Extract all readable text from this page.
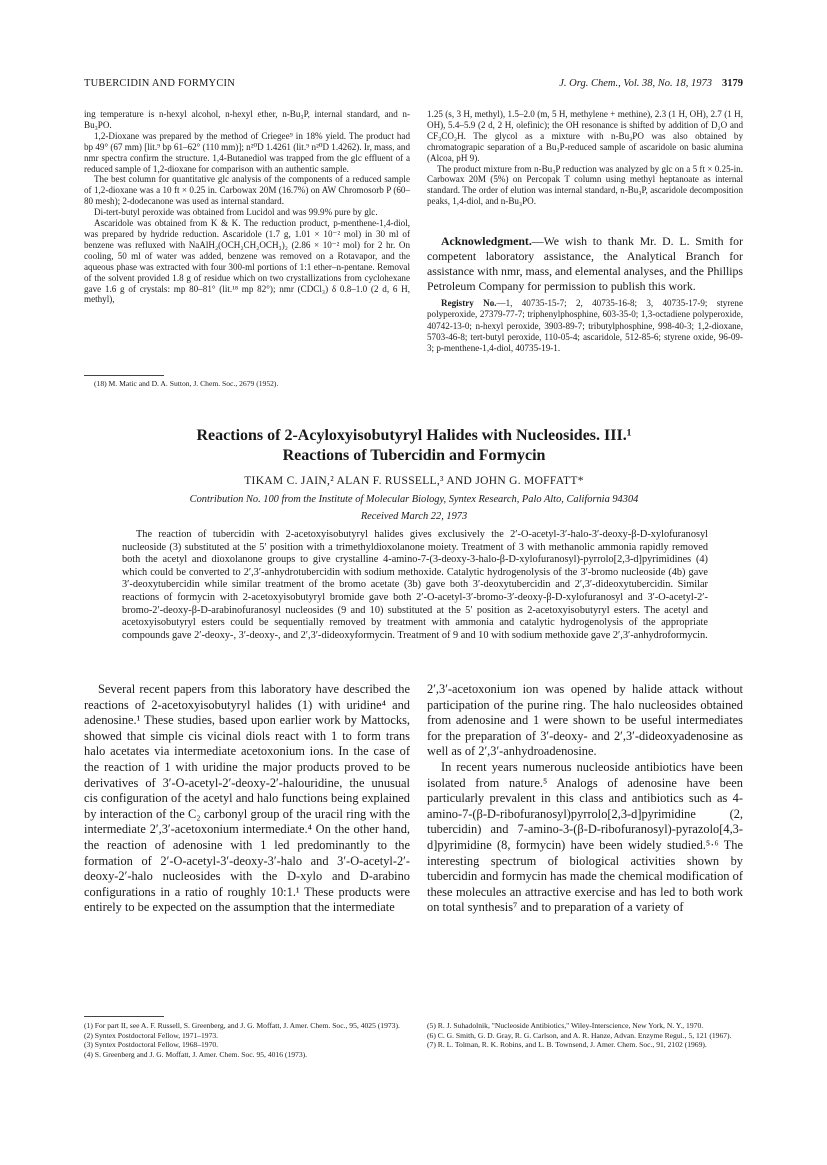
TUBERCIDIN AND FORMYCIN	J. Org. Chem., Vol. 38, No. 18, 1973 3179

ing temperature is n-hexyl alcohol, n-hexyl ether, n-Bu₃P, internal standard, and n-Bu₃PO.

1,2-Dioxane was prepared by the method of Criegee⁹ in 18% yield. The product had bp 49° (67 mm) [lit.⁹ bp 61–62° (110 mm)]; n²⁰D 1.4261 (lit.⁹ n²⁰D 1.4262). Ir, mass, and nmr spectra confirm the structure. 1,4-Butanediol was trapped from the glc effluent of a reduced sample of 1,2-dioxane for comparison with an authentic sample.

The best column for quantitative glc analysis of the components of a reduced sample of 1,2-dioxane was a 10 ft × 0.25 in. Carbowax 20M (16.7%) on AW Chromosorb P (60–80 mesh); 2-dodecanone was used as internal standard.

Di-tert-butyl peroxide was obtained from Lucidol and was 99.9% pure by glc.

Ascaridole was obtained from K & K. The reduction product, p-menthene-1,4-diol, was prepared by hydride reduction. Ascaridole (1.7 g, 1.01 × 10⁻² mol) in 30 ml of benzene was refluxed with NaAlH₂(OCH₂CH₂OCH₃)₂ (2.86 × 10⁻² mol) for 2 hr. On cooling, 50 ml of water was added, benzene was removed on a Rotavapor, and the aqueous phase was extracted with four 300-ml portions of 1:1 ether–n-pentane. Removal of the solvent provided 1.8 g of residue which on two crystallizations from cyclohexane gave 1.6 g of crystals: mp 80–81° (lit.¹⁸ mp 82°); nmr (CDCl₃) δ 0.8–1.0 (2 d, 6 H, methyl),

(18) M. Matic and D. A. Sutton, J. Chem. Soc., 2679 (1952).

1.25 (s, 3 H, methyl), 1.5–2.0 (m, 5 H, methylene + methine), 2.3 (1 H, OH), 2.7 (1 H, OH), 5.4–5.9 (2 d, 2 H, olefinic); the OH resonance is shifted by addition of D₂O and CF₃CO₂H. The glycol as a mixture with n-Bu₃PO was also obtained by chromatograpic separation of a Bu₃P-reduced sample of ascaridole on basic alumina (Alcoa, pH 9).

The product mixture from n-Bu₃P reduction was analyzed by glc on a 5 ft × 0.25-in. Carbowax 20M (5%) on Percopak T column using methyl heptanoate as internal standard. The order of elution was internal standard, n-Bu₃P, ascaridole decomposition peaks, 1,4-diol, and n-Bu₃PO.

Acknowledgment.—We wish to thank Mr. D. L. Smith for competent laboratory assistance, the Analytical Branch for assistance with nmr, mass, and elemental analyses, and the Phillips Petroleum Company for permission to publish this work.
Registry No.—1, 40735-15-7; 2, 40735-16-8; 3, 40735-17-9; styrene polyperoxide, 27379-77-7; triphenylphosphine, 603-35-0; 1,3-octadiene polyperoxide, 40742-13-0; n-hexyl peroxide, 3903-89-7; tributylphosphine, 998-40-3; 1,2-dioxane, 5703-46-8; tert-butyl peroxide, 110-05-4; ascaridole, 512-85-6; styrene oxide, 96-09-3; p-menthene-1,4-diol, 40735-19-1.
Reactions of 2-Acyloxyisobutyryl Halides with Nucleosides. III.¹
Reactions of Tubercidin and Formycin
TIKAM C. JAIN,² ALAN F. RUSSELL,³ AND JOHN G. MOFFATT*
Contribution No. 100 from the Institute of Molecular Biology, Syntex Research, Palo Alto, California 94304
Received March 22, 1973
The reaction of tubercidin with 2-acetoxyisobutyryl halides gives exclusively the 2′-O-acetyl-3′-halo-3′-deoxy-β-D-xylofuranosyl nucleoside (3) substituted at the 5′ position with a trimethyldioxolanone moiety. Treatment of 3 with methanolic ammonia rapidly removed both the acetyl and dioxolanone groups to give crystalline 4-amino-7-(3-deoxy-3-halo-β-D-xylofuranosyl)-pyrrolo[2,3-d]pyrimidines (4) which could be converted to 2′,3′-anhydrotubercidin with sodium methoxide. Catalytic hydrogenolysis of the 3′-bromo nucleoside (4b) gave 3′-deoxytubercidin while similar treatment of the bromo acetate (3b) gave both 3′-deoxytubercidin and 2′,3′-dideoxytubercidin. Similar reactions of formycin with 2-acetoxyisobutyryl bromide gave both 2′-O-acetyl-3′-bromo-3′-deoxy-β-D-xylofuranosyl and 3′-O-acetyl-2′-bromo-2′-deoxy-β-D-arabinofuranosyl nucleosides (9 and 10) substituted at the 5′ position as 2-acetoxyisobutyryl esters. The acetyl and acetoxyisobutyryl esters could be sequentially removed by treatment with ammonia and catalytic hydrogenolysis of the appropriate compounds gave 2′-deoxy-, 3′-deoxy-, and 2′,3′-dideoxyformycin. Treatment of 9 and 10 with sodium methoxide gave 2′,3′-anhydroformycin.

Several recent papers from this laboratory have described the reactions of 2-acetoxyisobutyryl halides (1) with uridine⁴ and adenosine.¹ These studies, based upon earlier work by Mattocks, showed that simple cis vicinal diols react with 1 to form trans halo acetates via intermediate acetoxonium ions. In the case of the reaction of 1 with uridine the major products proved to be derivatives of 3′-O-acetyl-2′-deoxy-2′-halouridine, the unusual cis configuration of the acetyl and halo functions being explained by interaction of the C₂ carbonyl group of the uracil ring with the intermediate 2′,3′-acetoxonium intermediate.⁴ On the other hand, the reaction of adenosine with 1 led predominantly to the formation of 2′-O-acetyl-3′-deoxy-3′-halo and 3′-O-acetyl-2′-deoxy-2′-halo nucleosides with the D-xylo and D-arabino configurations in a ratio of roughly 10:1.¹ These products were entirely to be expected on the assumption that the intermediate

2′,3′-acetoxonium ion was opened by halide attack without participation of the purine ring. The halo nucleosides obtained from adenosine and 1 were shown to be useful intermediates for the preparation of 3′-deoxy- and 2′,3′-dideoxyadenosine as well as of 2′,3′-anhydroadenosine.

In recent years numerous nucleoside antibiotics have been isolated from nature.⁵ Analogs of adenosine have been particularly prevalent in this class and antibiotics such as 4-amino-7-(β-D-ribofuranosyl)pyrrolo[2,3-d]pyrimidine (2, tubercidin) and 7-amino-3-(β-D-ribofuranosyl)-pyrazolo[4,3-d]pyrimidine (8, formycin) have been widely studied.⁵·⁶ The interesting spectrum of biological activities shown by tubercidin and formycin has made the chemical modification of these molecules an attractive exercise and has led to both work on total synthesis⁷ and to preparation of a variety of

(1) For part II, see A. F. Russell, S. Greenberg, and J. G. Moffatt, J. Amer. Chem. Soc., 95, 4025 (1973).
(2) Syntex Postdoctoral Fellow, 1971–1973.
(3) Syntex Postdoctoral Fellow, 1968–1970.
(4) S. Greenberg and J. G. Moffatt, J. Amer. Chem. Soc. 95, 4016 (1973).
(5) R. J. Suhadolnik, "Nucleoside Antibiotics," Wiley-Interscience, New York, N. Y., 1970.
(6) C. G. Smith, G. D. Gray, R. G. Carlson, and A. R. Hanze, Advan. Enzyme Regul., 5, 121 (1967).
(7) R. L. Tolman, R. K. Robins, and L. B. Townsend, J. Amer. Chem. Soc., 91, 2102 (1969).
